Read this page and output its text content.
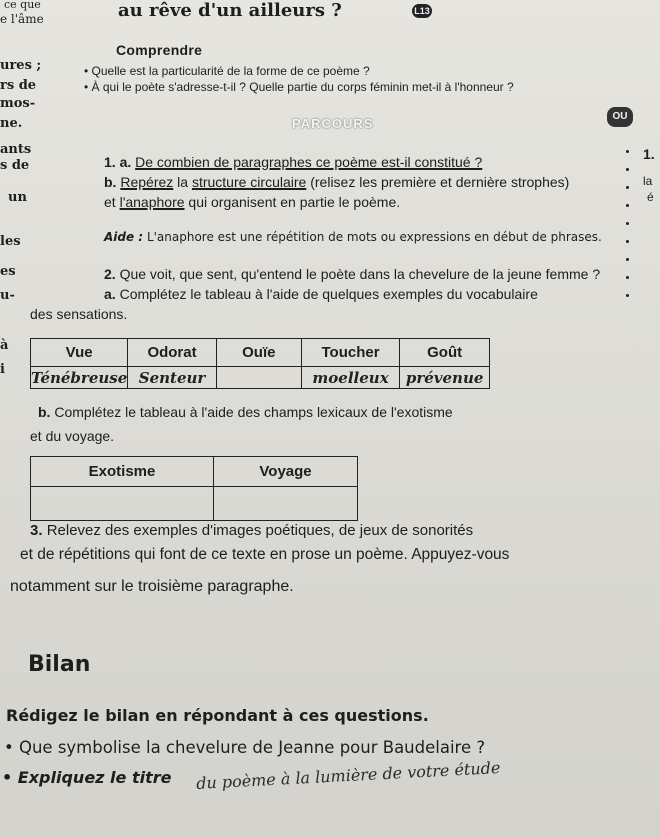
ce que
e l'âme	au rêve d'un ailleurs ?	L13
ures ;
rs de
mos-
ne.
ants
s de
un
les
es
u-
à
i
Comprendre
• Quelle est la particularité de la forme de ce poème ?
• À qui le poète s'adresse-t-il ? Quelle partie du corps féminin met-il à l'honneur ?
PARCOURS	OU
1.
la
é
1. a. De combien de paragraphes ce poème est-il constitué ?
b. Repérez la structure circulaire (relisez les première et dernière strophes)
et l'anaphore qui organisent en partie le poème.
Aide : L'anaphore est une répétition de mots ou expressions en début de phrases.
2. Que voit, que sent, qu'entend le poète dans la chevelure de la jeune femme ?
a. Complétez le tableau à l'aide de quelques exemples du vocabulaire
des sensations.
Vue	Odorat	Ouïe	Toucher	Goût
Ténébreuse	Senteur		moelleux	prévenue
b. Complétez le tableau à l'aide des champs lexicaux de l'exotisme
et du voyage.
Exotisme	Voyage

3. Relevez des exemples d'images poétiques, de jeux de sonorités
et de répétitions qui font de ce texte en prose un poème. Appuyez-vous
notamment sur le troisième paragraphe.
Bilan
Rédigez le bilan en répondant à ces questions.
• Que symbolise la chevelure de Jeanne pour Baudelaire ?
• Expliquez le titre du poème à la lumière de votre étude
